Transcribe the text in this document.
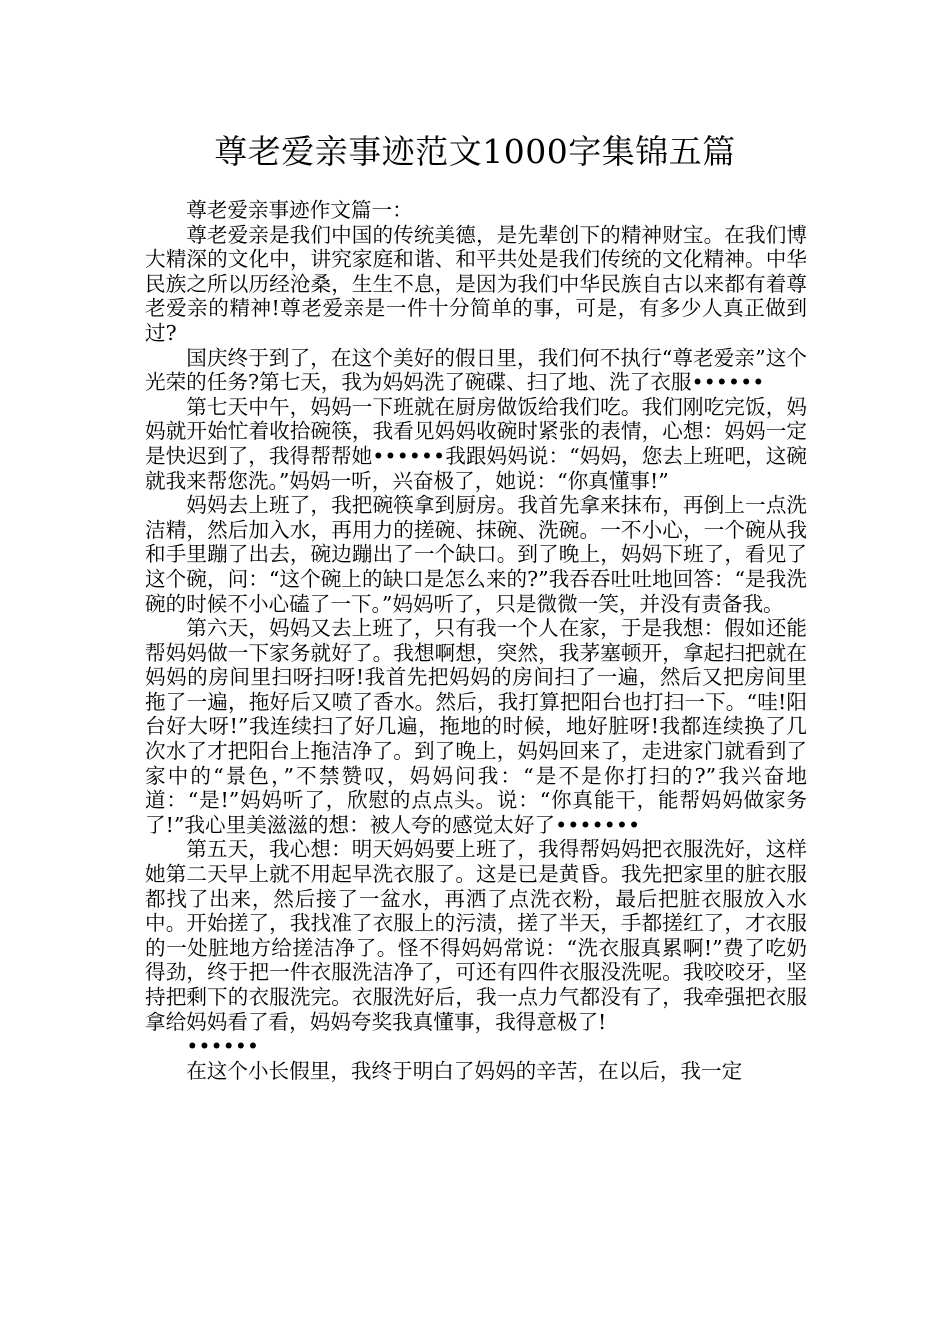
尊老爱亲事迹范文1000字集锦五篇

尊老爱亲事迹作文篇一：

尊老爱亲是我们中国的传统美德，是先辈创下的精神财宝。在我们博大精深的文化中，讲究家庭和谐、和平共处是我们传统的文化精神。中华民族之所以历经沧桑，生生不息，是因为我们中华民族自古以来都有着尊老爱亲的精神!尊老爱亲是一件十分简单的事，可是，有多少人真正做到过?

国庆终于到了，在这个美好的假日里，我们何不执行“尊老爱亲”这个光荣的任务?第七天，我为妈妈洗了碗碟、扫了地、洗了衣服••••••

第七天中午，妈妈一下班就在厨房做饭给我们吃。我们刚吃完饭，妈妈就开始忙着收拾碗筷，我看见妈妈收碗时紧张的表情，心想：妈妈一定是快迟到了，我得帮帮她••••••我跟妈妈说：“妈妈，您去上班吧，这碗就我来帮您洗。”妈妈一听，兴奋极了，她说：“你真懂事!”

妈妈去上班了，我把碗筷拿到厨房。我首先拿来抹布，再倒上一点洗洁精，然后加入水，再用力的搓碗、抹碗、洗碗。一不小心，一个碗从我和手里蹦了出去，碗边蹦出了一个缺口。到了晚上，妈妈下班了，看见了这个碗，问：“这个碗上的缺口是怎么来的?”我吞吞吐吐地回答：“是我洗碗的时候不小心磕了一下。”妈妈听了，只是微微一笑，并没有责备我。

第六天，妈妈又去上班了，只有我一个人在家，于是我想：假如还能帮妈妈做一下家务就好了。我想啊想，突然，我茅塞顿开，拿起扫把就在妈妈的房间里扫呀扫呀!我首先把妈妈的房间扫了一遍，然后又把房间里拖了一遍，拖好后又喷了香水。然后，我打算把阳台也打扫一下。“哇!阳台好大呀!”我连续扫了好几遍，拖地的时候，地好脏呀!我都连续换了几次水了才把阳台上拖洁净了。到了晚上，妈妈回来了，走进家门就看到了家中的“景色，”不禁赞叹，妈妈问我：“是不是你打扫的?”我兴奋地道：“是!”妈妈听了，欣慰的点点头。说：“你真能干，能帮妈妈做家务了!”我心里美滋滋的想：被人夸的感觉太好了•••••••

第五天，我心想：明天妈妈要上班了，我得帮妈妈把衣服洗好，这样她第二天早上就不用起早洗衣服了。这是已是黄昏。我先把家里的脏衣服都找了出来，然后接了一盆水，再洒了点洗衣粉，最后把脏衣服放入水中。开始搓了，我找准了衣服上的污渍，搓了半天，手都搓红了，才衣服的一处脏地方给搓洁净了。怪不得妈妈常说：“洗衣服真累啊!”费了吃奶得劲，终于把一件衣服洗洁净了，可还有四件衣服没洗呢。我咬咬牙，坚持把剩下的衣服洗完。衣服洗好后，我一点力气都没有了，我牵强把衣服拿给妈妈看了看，妈妈夸奖我真懂事，我得意极了!

••••••

在这个小长假里，我终于明白了妈妈的辛苦，在以后，我一定
